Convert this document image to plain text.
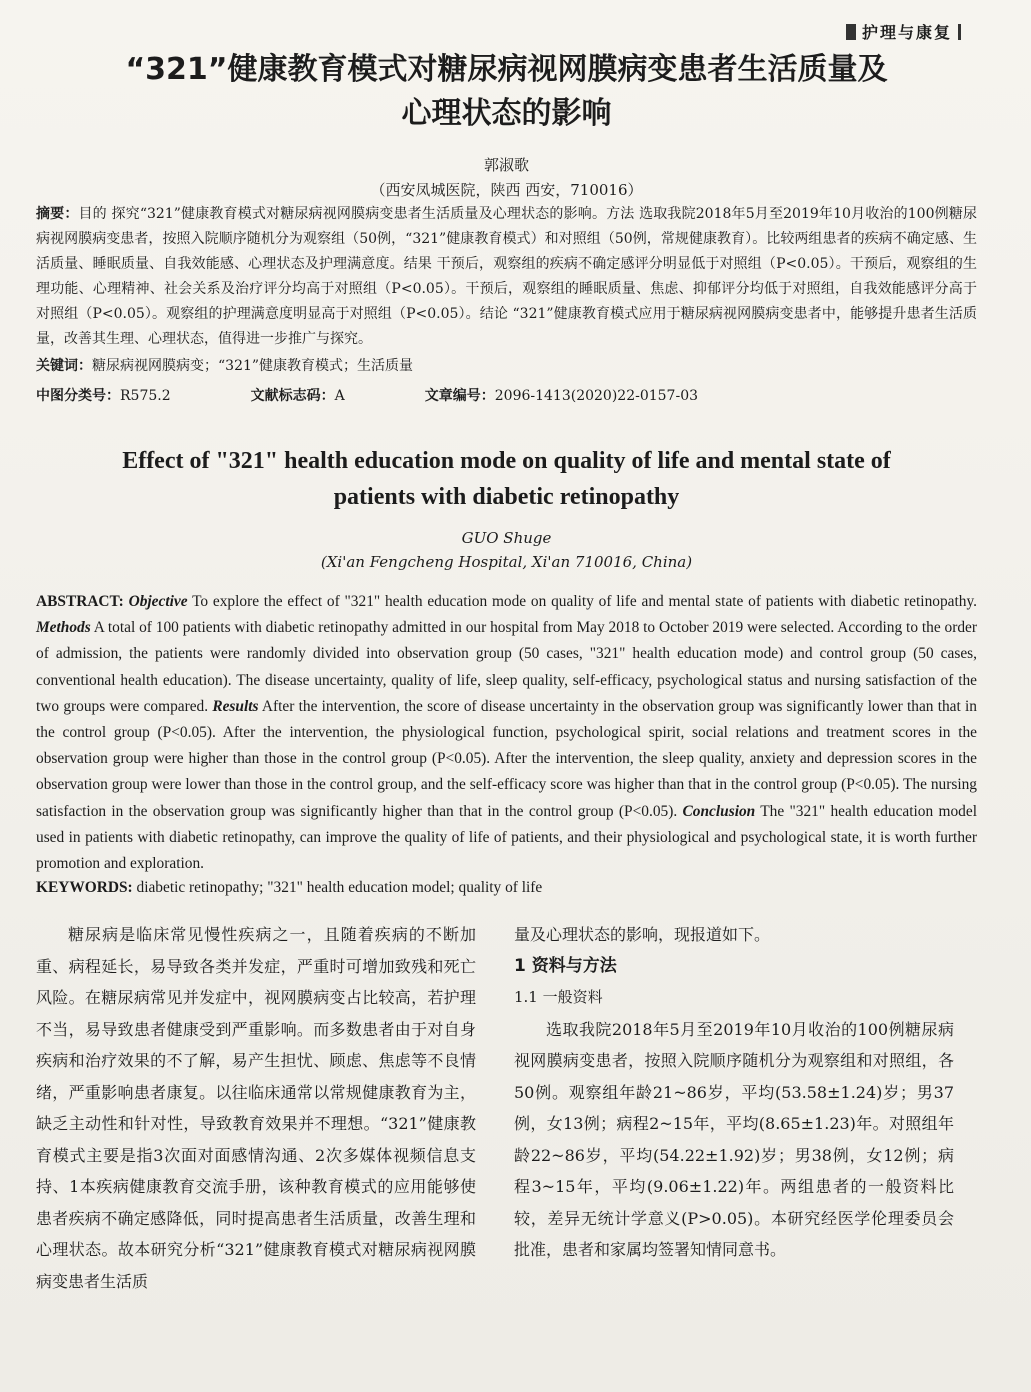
护理与康复
“321”健康教育模式对糖尿病视网膜病变患者生活质量及
心理状态的影响
郭淑歌
（西安凤城医院，陕西 西安，710016）
摘要：目的 探究“321”健康教育模式对糖尿病视网膜病变患者生活质量及心理状态的影响。方法 选取我院2018年5月至2019年10月收治的100例糖尿病视网膜病变患者，按照入院顺序随机分为观察组（50例，“321”健康教育模式）和对照组（50例，常规健康教育）。比较两组患者的疾病不确定感、生活质量、睡眠质量、自我效能感、心理状态及护理满意度。结果 干预后，观察组的疾病不确定感评分明显低于对照组（P<0.05）。干预后，观察组的生理功能、心理精神、社会关系及治疗评分均高于对照组（P<0.05）。干预后，观察组的睡眠质量、焦虑、抑郁评分均低于对照组，自我效能感评分高于对照组（P<0.05）。观察组的护理满意度明显高于对照组（P<0.05）。结论 “321”健康教育模式应用于糖尿病视网膜病变患者中，能够提升患者生活质量，改善其生理、心理状态，值得进一步推广与探究。
关键词：糖尿病视网膜病变；“321”健康教育模式；生活质量
中图分类号：R575.2	文献标志码：A	文章编号：2096-1413(2020)22-0157-03
Effect of "321" health education mode on quality of life and mental state of
patients with diabetic retinopathy
GUO Shuge
(Xi'an Fengcheng Hospital, Xi'an 710016, China)
ABSTRACT: Objective To explore the effect of "321" health education mode on quality of life and mental state of patients with diabetic retinopathy. Methods A total of 100 patients with diabetic retinopathy admitted in our hospital from May 2018 to October 2019 were selected. According to the order of admission, the patients were randomly divided into observation group (50 cases, "321" health education mode) and control group (50 cases, conventional health education). The disease uncertainty, quality of life, sleep quality, self-efficacy, psychological status and nursing satisfaction of the two groups were compared. Results After the intervention, the score of disease uncertainty in the observation group was significantly lower than that in the control group (P<0.05). After the intervention, the physiological function, psychological spirit, social relations and treatment scores in the observation group were higher than those in the control group (P<0.05). After the intervention, the sleep quality, anxiety and depression scores in the observation group were lower than those in the control group, and the self-efficacy score was higher than that in the control group (P<0.05). The nursing satisfaction in the observation group was significantly higher than that in the control group (P<0.05). Conclusion The "321" health education model used in patients with diabetic retinopathy, can improve the quality of life of patients, and their physiological and psychological state, it is worth further promotion and exploration.
KEYWORDS: diabetic retinopathy; "321" health education model; quality of life

糖尿病是临床常见慢性疾病之一，且随着疾病的不断加重、病程延长，易导致各类并发症，严重时可增加致残和死亡风险。在糖尿病常见并发症中，视网膜病变占比较高，若护理不当，易导致患者健康受到严重影响。而多数患者由于对自身疾病和治疗效果的不了解，易产生担忧、顾虑、焦虑等不良情绪，严重影响患者康复。以往临床通常以常规健康教育为主，缺乏主动性和针对性，导致教育效果并不理想。“321”健康教育模式主要是指3次面对面感情沟通、2次多媒体视频信息支持、1本疾病健康教育交流手册，该种教育模式的应用能够使患者疾病不确定感降低，同时提高患者生活质量，改善生理和心理状态。故本研究分析“321”健康教育模式对糖尿病视网膜病变患者生活质

量及心理状态的影响，现报道如下。

1 资料与方法

1.1 一般资料

选取我院2018年5月至2019年10月收治的100例糖尿病视网膜病变患者，按照入院顺序随机分为观察组和对照组，各50例。观察组年龄21~86岁，平均(53.58±1.24)岁；男37例，女13例；病程2~15年，平均(8.65±1.23)年。对照组年龄22~86岁，平均(54.22±1.92)岁；男38例，女12例；病程3~15年，平均(9.06±1.22)年。两组患者的一般资料比较，差异无统计学意义(P>0.05)。本研究经医学伦理委员会批准，患者和家属均签署知情同意书。
